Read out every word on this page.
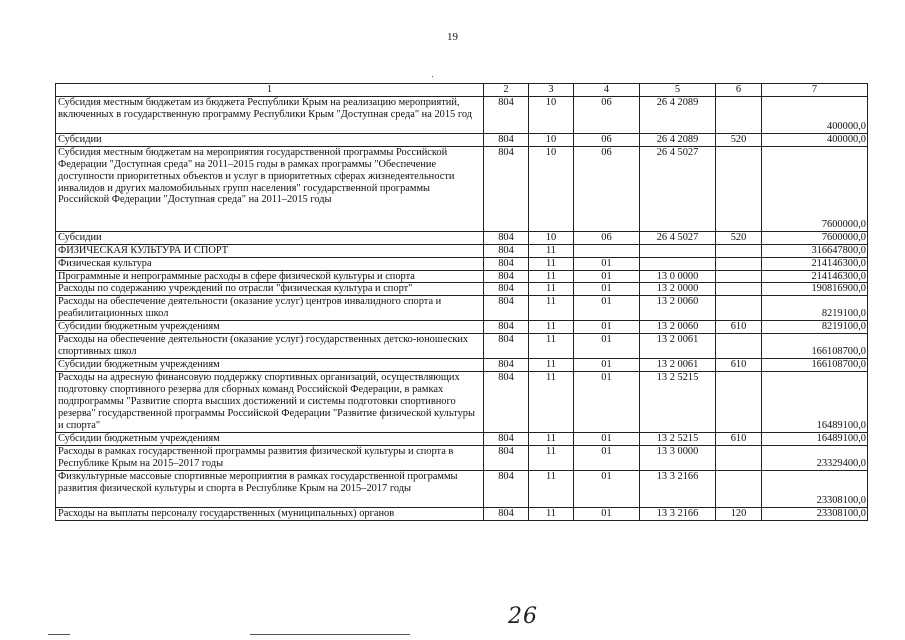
19
1	2	3	4	5	6	7
Субсидия местным бюджетам из бюджета Республики Крым на реализацию мероприятий, включенных в государственную программу Республики Крым "Доступная среда" на 2015 год	804	10	06	26 4 2089		400000,0
Субсидии	804	10	06	26 4 2089	520	400000,0
Субсидия местным бюджетам на мероприятия государственной программы Российской Федерации "Доступная среда" на 2011–2015 годы в рамках программы "Обеспечение доступности приоритетных объектов и услуг в приоритетных сферах жизнедеятельности инвалидов и других маломобильных групп населения" государственной программы Российской Федерации "Доступная среда" на 2011–2015 годы	804	10	06	26 4 5027		7600000,0
Субсидии	804	10	06	26 4 5027	520	7600000,0
ФИЗИЧЕСКАЯ КУЛЬТУРА И СПОРТ	804	11				316647800,0
Физическая культура	804	11	01			214146300,0
Программные и непрограммные расходы в сфере физической культуры и спорта	804	11	01	13 0 0000		214146300,0
Расходы по содержанию учреждений по отрасли "физическая культура и спорт"	804	11	01	13 2 0000		190816900,0
Расходы на обеспечение деятельности (оказание услуг) центров инвалидного спорта и реабилитационных школ	804	11	01	13 2 0060		8219100,0
Субсидии бюджетным учреждениям	804	11	01	13 2 0060	610	8219100,0
Расходы на обеспечение деятельности (оказание услуг) государственных детско-юношеских спортивных школ	804	11	01	13 2 0061		166108700,0
Субсидии бюджетным учреждениям	804	11	01	13 2 0061	610	166108700,0
Расходы на адресную финансовую поддержку спортивных организаций, осуществляющих подготовку спортивного резерва для сборных команд Российской Федерации, в рамках подпрограммы "Развитие спорта высших достижений и системы подготовки спортивного резерва" государственной программы Российской Федерации "Развитие физической культуры и спорта"	804	11	01	13 2 5215		16489100,0
Субсидии бюджетным учреждениям	804	11	01	13 2 5215	610	16489100,0
Расходы в рамках государственной программы развития физической культуры и спорта в Республике Крым на 2015–2017 годы	804	11	01	13 3 0000		23329400,0
Физкультурные массовые спортивные мероприятия в рамках государственной программы развития физической культуры и спорта в Республике Крым на 2015–2017 годы	804	11	01	13 3 2166		23308100,0
Расходы на выплаты персоналу государственных (муниципальных) органов	804	11	01	13 3 2166	120	23308100,0
26
